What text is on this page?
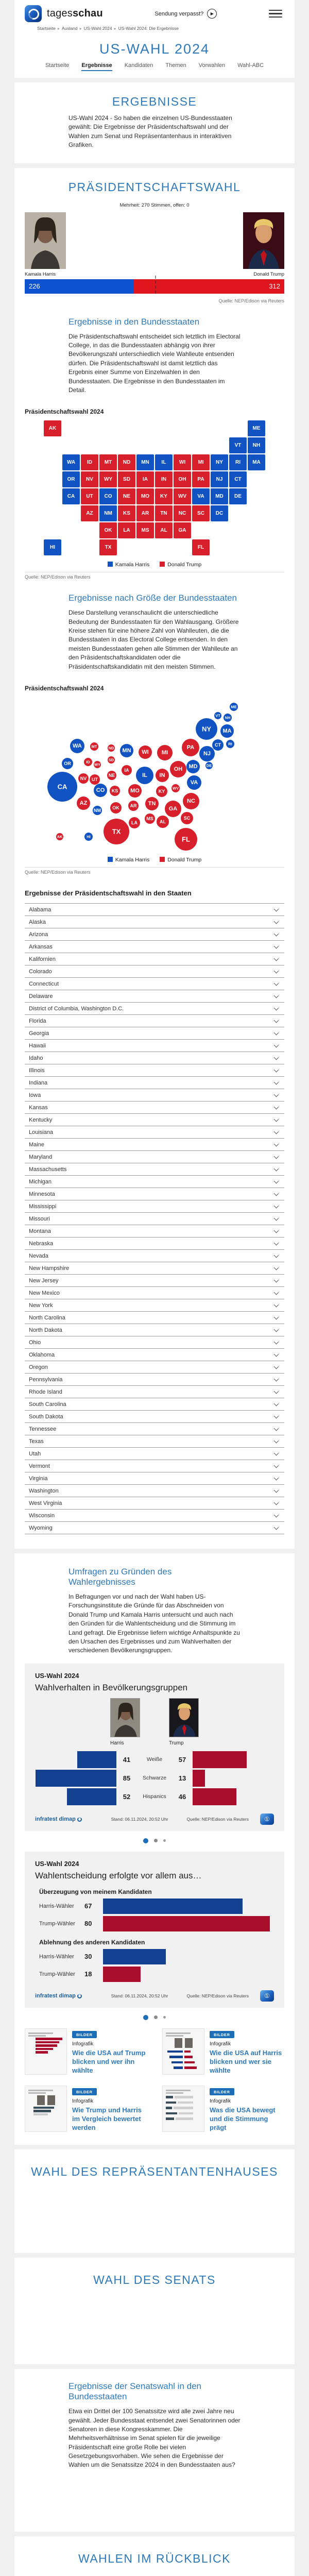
tagesschau	Sendung verpasst?	▶
Startseite ▸ Ausland ▸ US-Wahl 2024 ▸ US-Wahl 2024: Die Ergebnisse
US-WAHL 2024
Startseite Ergebnisse Kandidaten Themen Vorwahlen Wahl-ABC
ERGEBNISSE

US-Wahl 2024 - So haben die einzelnen US-Bundesstaaten gewählt: Die Ergebnisse der Präsidentschaftswahl und der Wahlen zum Senat und Repräsentantenhaus in interaktiven Grafiken.

PRÄSIDENTSCHAFTSWAHL
Mehrheit: 270 Stimmen, offen: 0
Kamala Harris	Donald Trump
226	312
Quelle: NEP/Edison via Reuters
Ergebnisse in den Bundesstaaten

Die Präsidentschaftswahl entscheidet sich letztlich im Electoral College, in das die Bundesstaaten abhängig von ihrer Bevölkerungszahl unterschiedlich viele Wahlleute entsenden dürfen. Die Präsidentschaftswahl ist damit letztlich das Ergebnis einer Summe von Einzelwahlen in den Bundesstaaten. Die Ergebnisse in den Bundesstaaten im Detail.

Präsidentschaftswahl 2024
AK	ME
VT	NH
WA	ID	MT	ND	MN	IL	WI	MI	NY	RI	MA
OR	NV	WY	SD	IA	IN	OH	PA	NJ	CT
CA	UT	CO	NE	MO	KY	WV	VA	MD	DE
AZ	NM	KS	AR	TN	NC	SC	DC
OK	LA	MS	AL	GA
HI	TX	FL
Kamala Harris	Donald Trump
Quelle: NEP/Edison via Reuters
Ergebnisse nach Größe der Bundesstaaten

Diese Darstellung veranschaulicht die unterschiedliche Bedeutung der Bundesstaaten für den Wahlausgang. Größere Kreise stehen für eine höhere Zahl von Wahlleuten, die die Bundesstaaten in das Electoral College entsenden. In den meisten Bundesstaaten gehen alle Stimmen der Wahlleute an den Präsidentschaftskandidaten oder die Präsidentschaftskandidatin mit den meisten Stimmen.

Präsidentschaftswahl 2024
ME
VT NH
NY MA
CT RI
WA MT	ND MN WI MI
PA
NJ
OR	ID
WY
SD
IA
NE	IL IN
OH MD DE
NV UT	VA
CA	CO KS MO	KY
WV
NC
AZ
NM OK AR TN
GA
SC
MS
AL
LA
TX
FL
AK	HI
Kamala Harris	Donald Trump
Quelle: NEP/Edison via Reuters
Ergebnisse der Präsidentschaftswahl in den Staaten
Alabama
Alaska
Arizona
Arkansas
Kalifornien
Colorado
Connecticut
Delaware
District of Columbia, Washington D.C.
Florida
Georgia
Hawaii
Idaho
Illinois
Indiana
Iowa
Kansas
Kentucky
Louisiana
Maine
Maryland
Massachusetts
Michigan
Minnesota
Mississippi
Missouri
Montana
Nebraska
Nevada
New Hampshire
New Jersey
New Mexico
New York
North Carolina
North Dakota
Ohio
Oklahoma
Oregon
Pennsylvania
Rhode Island
South Carolina
South Dakota
Tennessee
Texas
Utah
Vermont
Virginia
Washington
West Virginia
Wisconsin
Wyoming
Umfragen zu Gründen des Wahlergebnisses

In Befragungen vor und nach der Wahl haben US-Forschungsinstitute die Gründe für das Abschneiden von Donald Trump und Kamala Harris untersucht und auch nach den Gründen für die Wahlentscheidung und die Stimmung im Land gefragt. Die Ergebnisse liefern wichtige Anhaltspunkte zu den Ursachen des Ergebnisses und zum Wahlverhalten der verschiedenen Bevölkerungsgruppen.

US-Wahl 2024
Wahlverhalten in Bevölkerungsgruppen
Harris	Trump
41	Weiße	57
85	Schwarze	13
52	Hispanics	46
infratest dimap	Stand: 06.11.2024, 20:52 Uhr	Quelle: NEP/Edison via Reuters	①
US-Wahl 2024
Wahlentscheidung erfolgte vor allem aus…
Überzeugung von meinem Kandidaten
Harris-Wähler	67
Trump-Wähler	80
Ablehnung des anderen Kandidaten
Harris-Wähler	30
Trump-Wähler	18
infratest dimap	Stand: 06.11.2024, 20:52 Uhr	Quelle: NEP/Edison via Reuters	①
BILDER
Infografik
Wie die USA auf Trump blicken und wer ihn wählte
BILDER
Infografik
Wie die USA auf Harris blicken und wer sie wählte
BILDER
Infografik
Wie Trump und Harris im Vergleich bewertet werden
BILDER
Infografik
Was die USA bewegt und die Stimmung prägt
WAHL DES REPRÄSENTANTENHAUSES
WAHL DES SENATS
Ergebnisse der Senatswahl in den Bundesstaaten

Etwa ein Drittel der 100 Senatssitze wird alle zwei Jahre neu gewählt. Jeder Bundesstaat entsendet zwei Senatorinnen oder Senatoren in diese Kongresskammer. Die Mehrheitsverhältnisse im Senat spielen für die jeweilige Präsidentschaft eine große Rolle bei vielen Gesetzgebungsvorhaben. Wie sehen die Ergebnisse der Wahlen um die Senatssitze 2024 in den Bundesstaaten aus?

WAHLEN IM RÜCKBLICK
